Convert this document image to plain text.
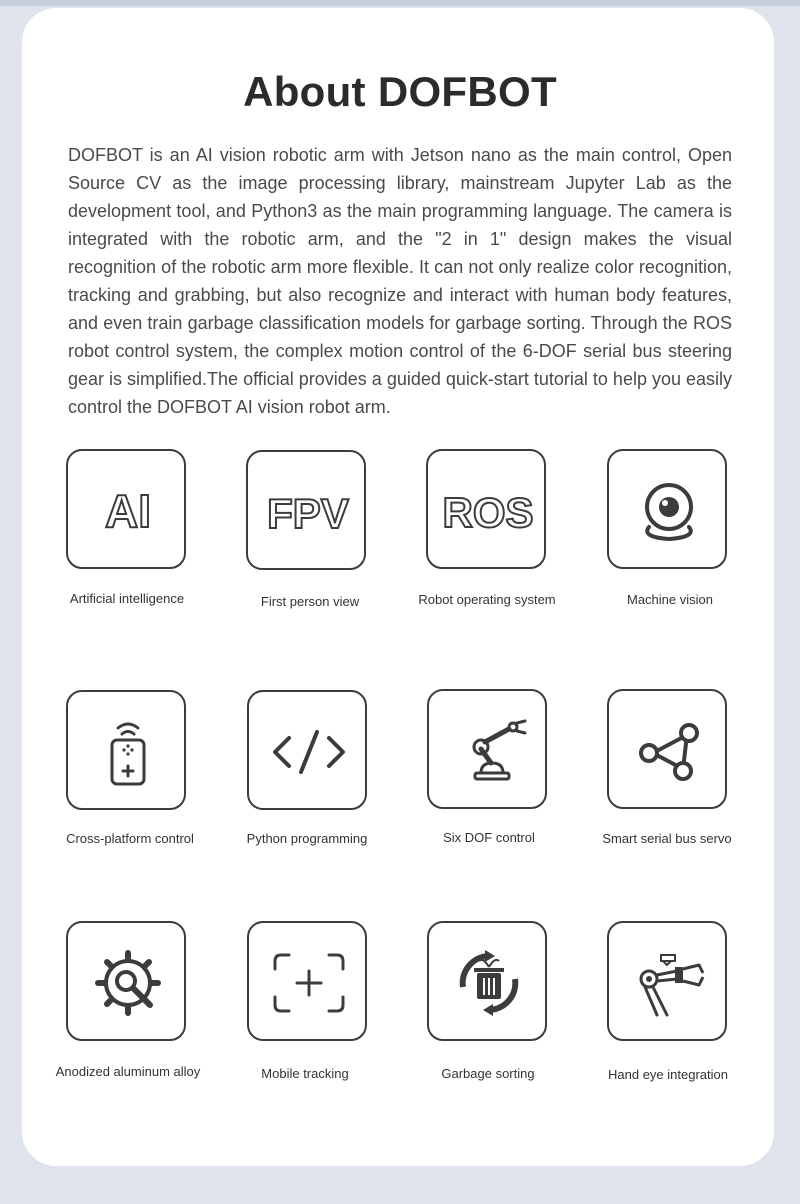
About DOFBOT

DOFBOT is an AI vision robotic arm with Jetson nano as the main control, Open Source CV as the image processing library, mainstream Jupyter Lab as the development tool, and Python3 as the main programming language. The camera is integrated with the robotic arm, and the "2 in 1" design makes the visual recognition of the robotic arm more flexible. It can not only realize color recognition, tracking and grabbing, but also recognize and interact with human body features, and even train garbage classification models for garbage sorting. Through the ROS robot control system, the complex motion control of the 6-DOF serial bus steering gear is simplified.The official provides a guided quick-start tutorial to help you easily control the DOFBOT AI vision robot arm.

AI
Artificial intelligence
FPV
First person view
ROS
Robot operating system	Machine vision
Cross-platform control	Python programming	Six DOF control	Smart serial bus servo
Anodized aluminum alloy	Mobile tracking	Garbage sorting	Hand eye integration
